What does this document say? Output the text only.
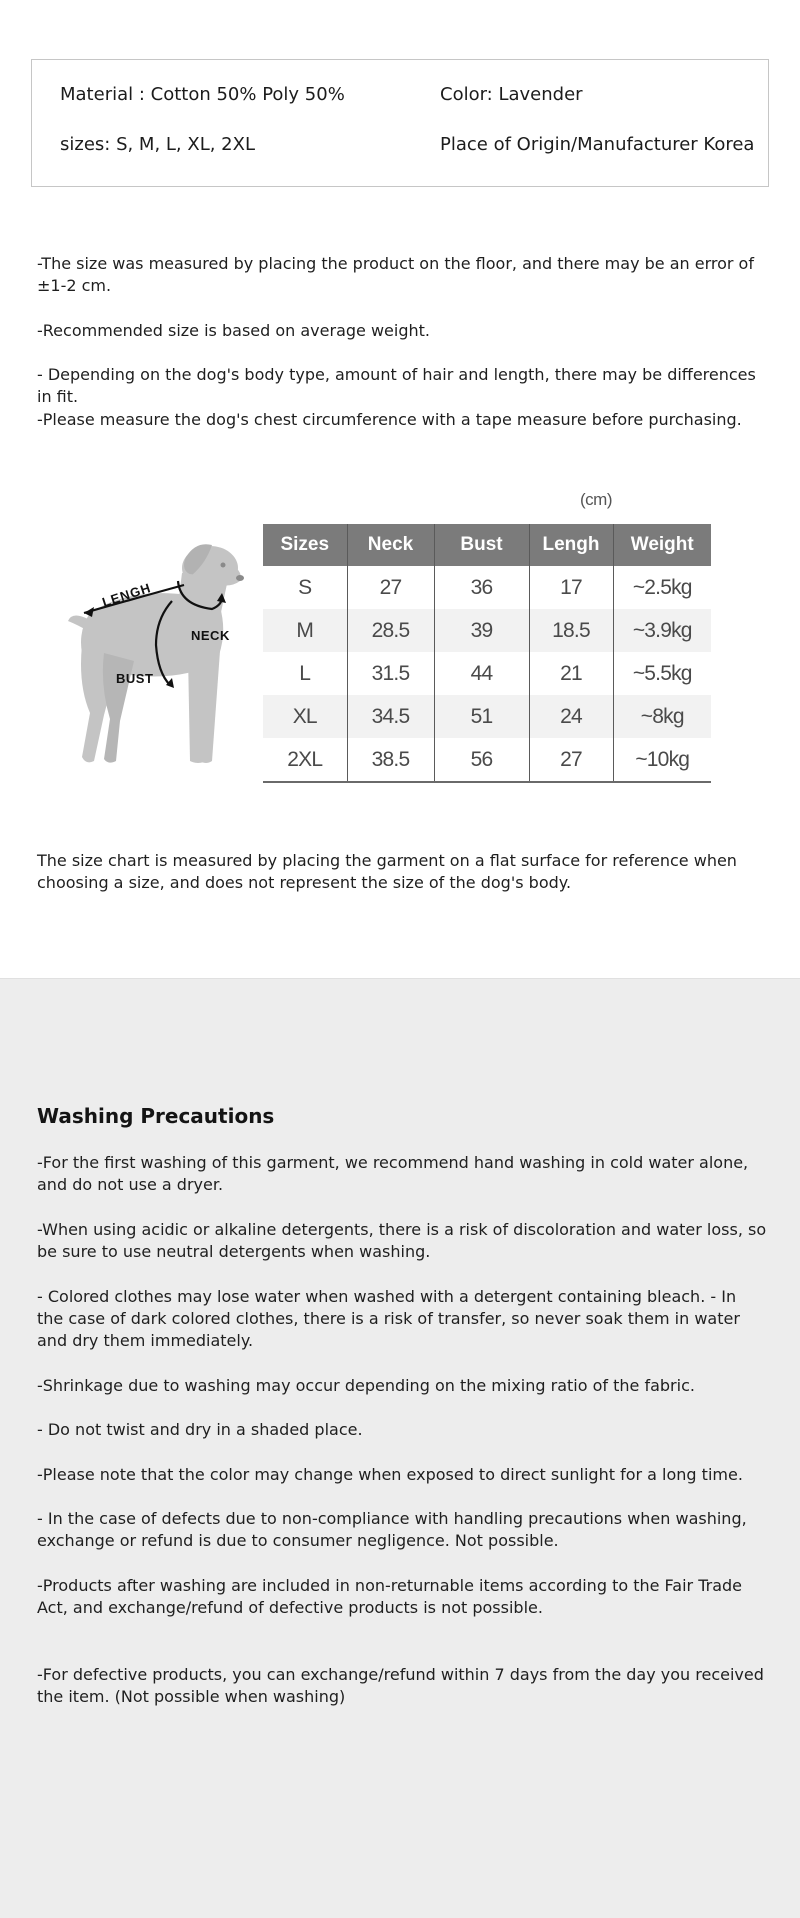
Material : Cotton 50% Poly 50%	Color: Lavender
sizes: S, M, L, XL, 2XL	Place of Origin/Manufacturer Korea

-The size was measured by placing the product on the floor, and there may be an error of ±1-2 cm.

-Recommended size is based on average weight.

- Depending on the dog's body type, amount of hair and length, there may be differences in fit.

-Please measure the dog's chest circumference with a tape measure before purchasing.

LENGH
NECK
BUST
(cm)
Sizes	Neck	Bust	Lengh	Weight
S	27	36	17	~2.5kg
M	28.5	39	18.5	~3.9kg
L	31.5	44	21	~5.5kg
XL	34.5	51	24	~8kg
2XL	38.5	56	27	~10kg

The size chart is measured by placing the garment on a flat surface for reference when choosing a size, and does not represent the size of the dog's body.

Washing Precautions

-For the first washing of this garment, we recommend hand washing in cold water alone, and do not use a dryer.

-When using acidic or alkaline detergents, there is a risk of discoloration and water loss, so be sure to use neutral detergents when washing.

- Colored clothes may lose water when washed with a detergent containing bleach. - In the case of dark colored clothes, there is a risk of transfer, so never soak them in water and dry them immediately.

-Shrinkage due to washing may occur depending on the mixing ratio of the fabric.

- Do not twist and dry in a shaded place.

-Please note that the color may change when exposed to direct sunlight for a long time.

- In the case of defects due to non-compliance with handling precautions when washing, exchange or refund is due to consumer negligence. Not possible.

-Products after washing are included in non-returnable items according to the Fair Trade Act, and exchange/refund of defective products is not possible.

-For defective products, you can exchange/refund within 7 days from the day you received the item. (Not possible when washing)
